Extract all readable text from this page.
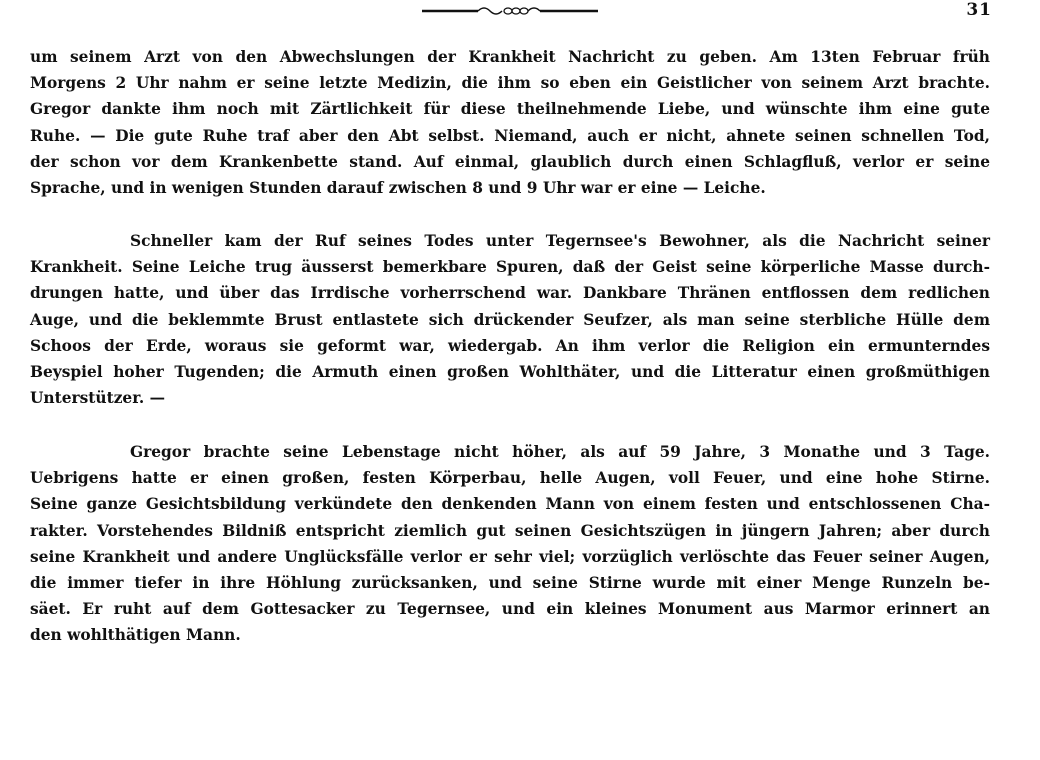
31
um seinem Arzt von den Abwechslungen der Krankheit Nachricht zu geben. Am 13ten Februar früh
Morgens 2 Uhr nahm er seine letzte Medizin, die ihm so eben ein Geistlicher von seinem Arzt brachte.
Gregor dankte ihm noch mit Zärtlichkeit für diese theilnehmende Liebe, und wünschte ihm eine gute
Ruhe. — Die gute Ruhe traf aber den Abt selbst. Niemand, auch er nicht, ahnete seinen schnellen Tod,
der schon vor dem Krankenbette stand. Auf einmal, glaublich durch einen Schlagfluß, verlor er seine
Sprache, und in wenigen Stunden darauf zwischen 8 und 9 Uhr war er eine — Leiche.
Schneller kam der Ruf seines Todes unter Tegernsee's Bewohner, als die Nachricht seiner
Krankheit. Seine Leiche trug äusserst bemerkbare Spuren, daß der Geist seine körperliche Masse durch-
drungen hatte, und über das Irrdische vorherrschend war. Dankbare Thränen entflossen dem redlichen
Auge, und die beklemmte Brust entlastete sich drückender Seufzer, als man seine sterbliche Hülle dem
Schoos der Erde, woraus sie geformt war, wiedergab. An ihm verlor die Religion ein ermunterndes
Beyspiel hoher Tugenden; die Armuth einen großen Wohlthäter, und die Litteratur einen großmüthigen
Unterstützer. —
Gregor brachte seine Lebenstage nicht höher, als auf 59 Jahre, 3 Monathe und 3 Tage.
Uebrigens hatte er einen großen, festen Körperbau, helle Augen, voll Feuer, und eine hohe Stirne.
Seine ganze Gesichtsbildung verkündete den denkenden Mann von einem festen und entschlossenen Cha-
rakter. Vorstehendes Bildniß entspricht ziemlich gut seinen Gesichtszügen in jüngern Jahren; aber durch
seine Krankheit und andere Unglücksfälle verlor er sehr viel; vorzüglich verlöschte das Feuer seiner Augen,
die immer tiefer in ihre Höhlung zurücksanken, und seine Stirne wurde mit einer Menge Runzeln be-
säet. Er ruht auf dem Gottesacker zu Tegernsee, und ein kleines Monument aus Marmor erinnert an
den wohlthätigen Mann.
